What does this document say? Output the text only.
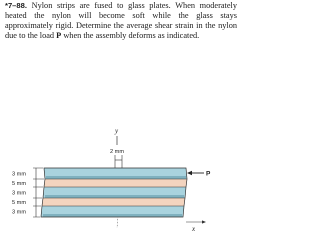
*7–88. Nylon strips are fused to glass plates. When moderately heated the nylon will become soft while the glass stays approximately rigid. Determine the average shear strain in the nylon due to the load P when the assembly deforms as indicated.
y
2 mm
P
x
3 mm
5 mm
3 mm
5 mm
3 mm
